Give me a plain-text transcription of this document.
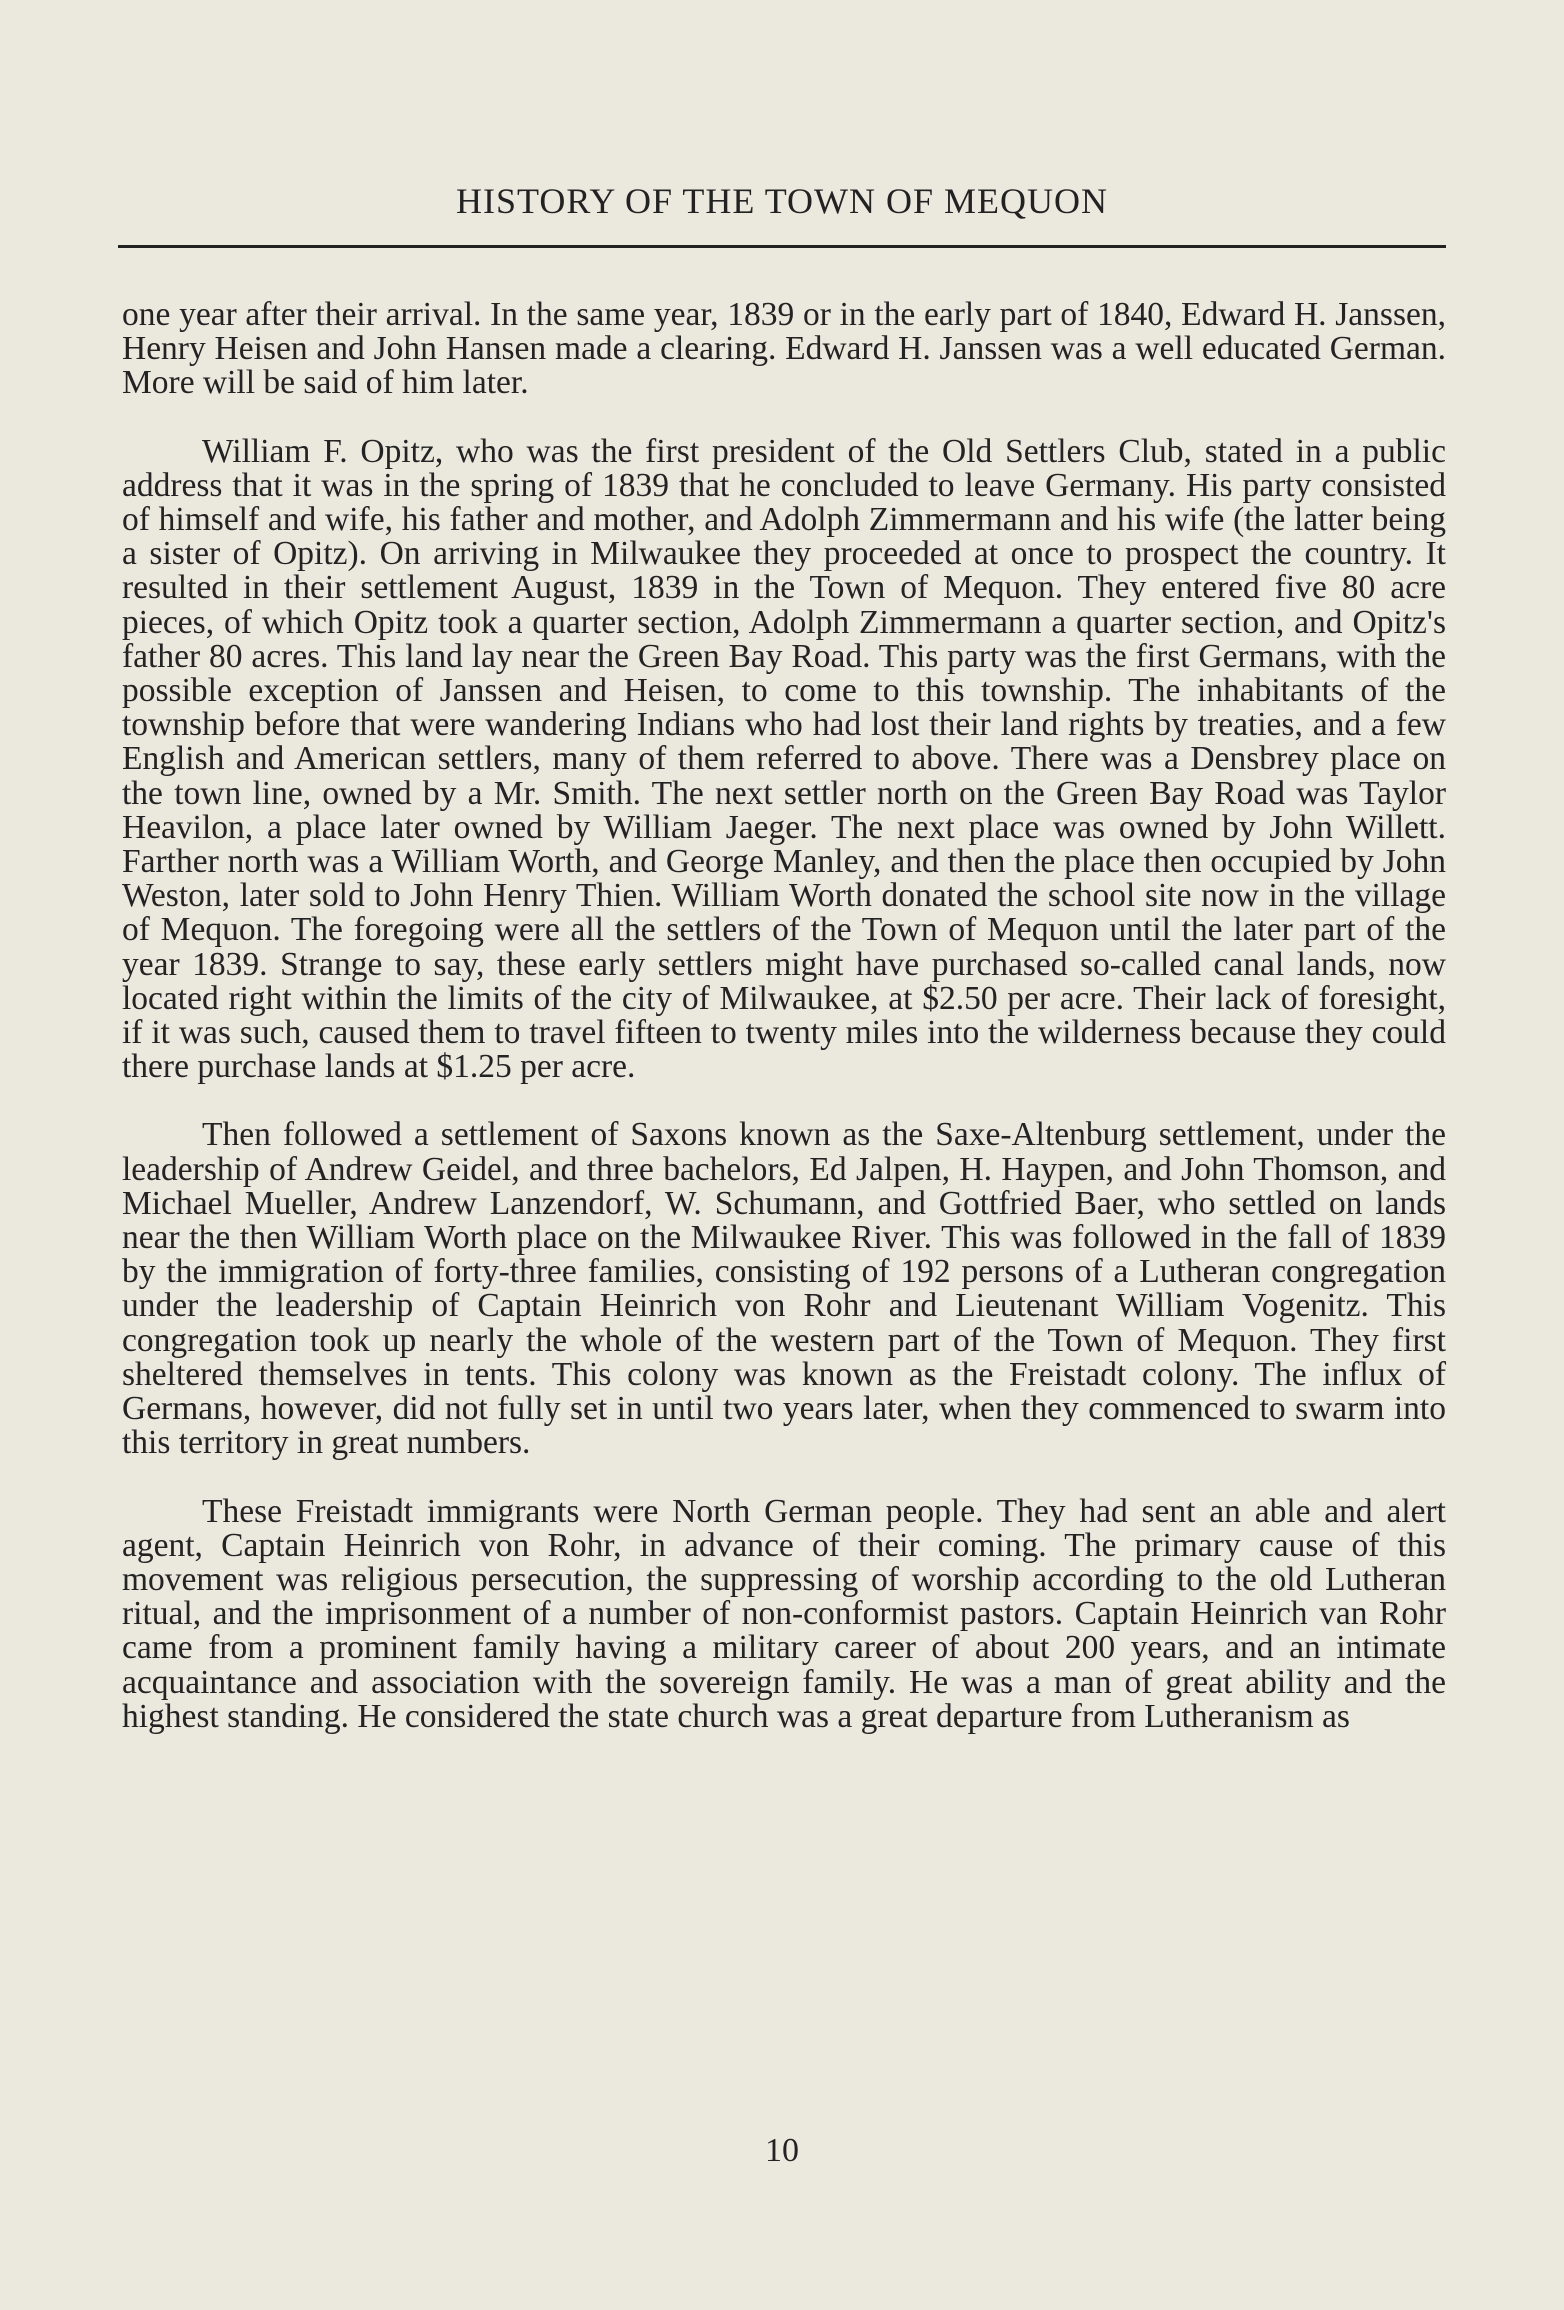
HISTORY OF THE TOWN OF MEQUON

one year after their arrival. In the same year, 1839 or in the early part of 1840, Edward H. Janssen, Henry Heisen and John Hansen made a clearing. Edward H. Janssen was a well educated German. More will be said of him later.

William F. Opitz, who was the first president of the Old Settlers Club, stated in a public address that it was in the spring of 1839 that he concluded to leave Germany. His party consisted of himself and wife, his father and mother, and Adolph Zimmermann and his wife (the latter being a sister of Opitz). On arriving in Milwaukee they proceeded at once to prospect the country. It resulted in their settlement August, 1839 in the Town of Mequon. They entered five 80 acre pieces, of which Opitz took a quarter section, Adolph Zimmermann a quarter section, and Opitz's father 80 acres. This land lay near the Green Bay Road. This party was the first Germans, with the possible exception of Janssen and Heisen, to come to this township. The inhabitants of the township before that were wandering Indians who had lost their land rights by treaties, and a few English and American settlers, many of them referred to above. There was a Densbrey place on the town line, owned by a Mr. Smith. The next settler north on the Green Bay Road was Taylor Heavilon, a place later owned by William Jaeger. The next place was owned by John Willett. Farther north was a William Worth, and George Manley, and then the place then occupied by John Weston, later sold to John Henry Thien. William Worth donated the school site now in the village of Mequon. The foregoing were all the settlers of the Town of Mequon until the later part of the year 1839. Strange to say, these early settlers might have purchased so-called canal lands, now located right within the limits of the city of Milwaukee, at $2.50 per acre. Their lack of foresight, if it was such, caused them to travel fifteen to twenty miles into the wilderness because they could there purchase lands at $1.25 per acre.

Then followed a settlement of Saxons known as the Saxe-Altenburg settlement, under the leadership of Andrew Geidel, and three bachelors, Ed Jalpen, H. Haypen, and John Thomson, and Michael Mueller, Andrew Lanzendorf, W. Schumann, and Gottfried Baer, who settled on lands near the then William Worth place on the Milwaukee River. This was followed in the fall of 1839 by the immigration of forty-three families, consisting of 192 persons of a Lutheran congregation under the leadership of Captain Heinrich von Rohr and Lieutenant William Vogenitz. This congregation took up nearly the whole of the western part of the Town of Mequon. They first sheltered themselves in tents. This colony was known as the Freistadt colony. The influx of Germans, however, did not fully set in until two years later, when they commenced to swarm into this territory in great numbers.

These Freistadt immigrants were North German people. They had sent an able and alert agent, Captain Heinrich von Rohr, in advance of their coming. The primary cause of this movement was religious persecution, the suppressing of worship according to the old Lutheran ritual, and the imprisonment of a number of non-conformist pastors. Captain Heinrich van Rohr came from a prominent family having a military career of about 200 years, and an intimate acquaintance and association with the sovereign family. He was a man of great ability and the highest standing. He considered the state church was a great departure from Lutheranism as

10
